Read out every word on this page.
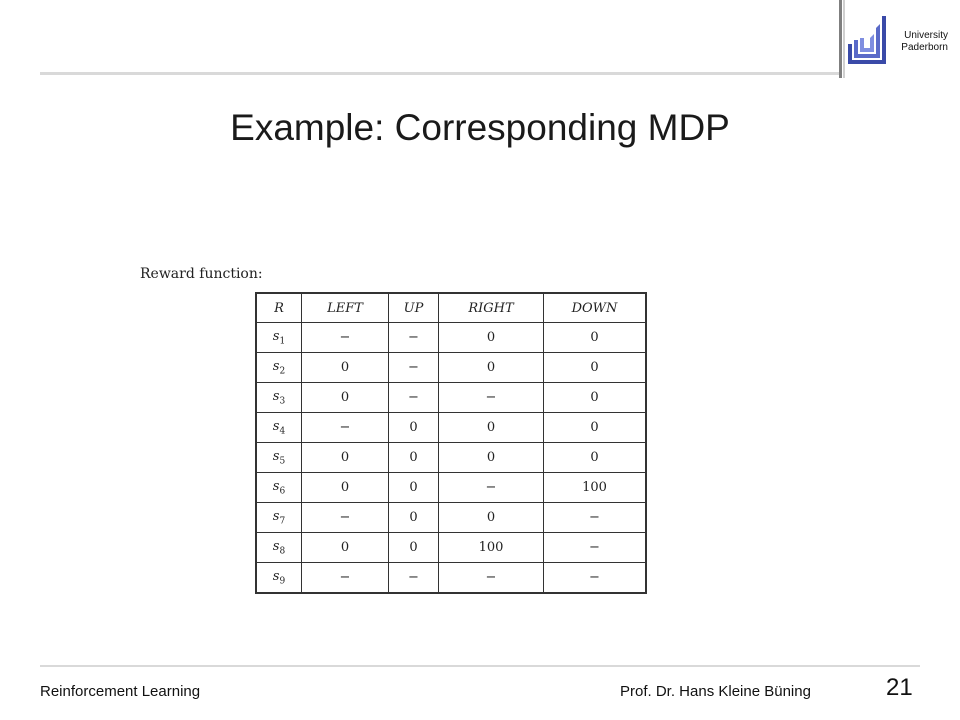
University
Paderborn
Example: Corresponding MDP
Reward function:
R	LEFT	UP	RIGHT	DOWN
$s_1$	−	−	0	0
$s_2$	0	−	0	0
$s_3$	0	−	−	0
$s_4$	−	0	0	0
$s_5$	0	0	0	0
$s_6$	0	0	−	100
$s_7$	−	0	0	−
$s_8$	0	0	100	−
$s_9$	−	−	−	−
Reinforcement Learning	Prof. Dr. Hans Kleine Büning	21
